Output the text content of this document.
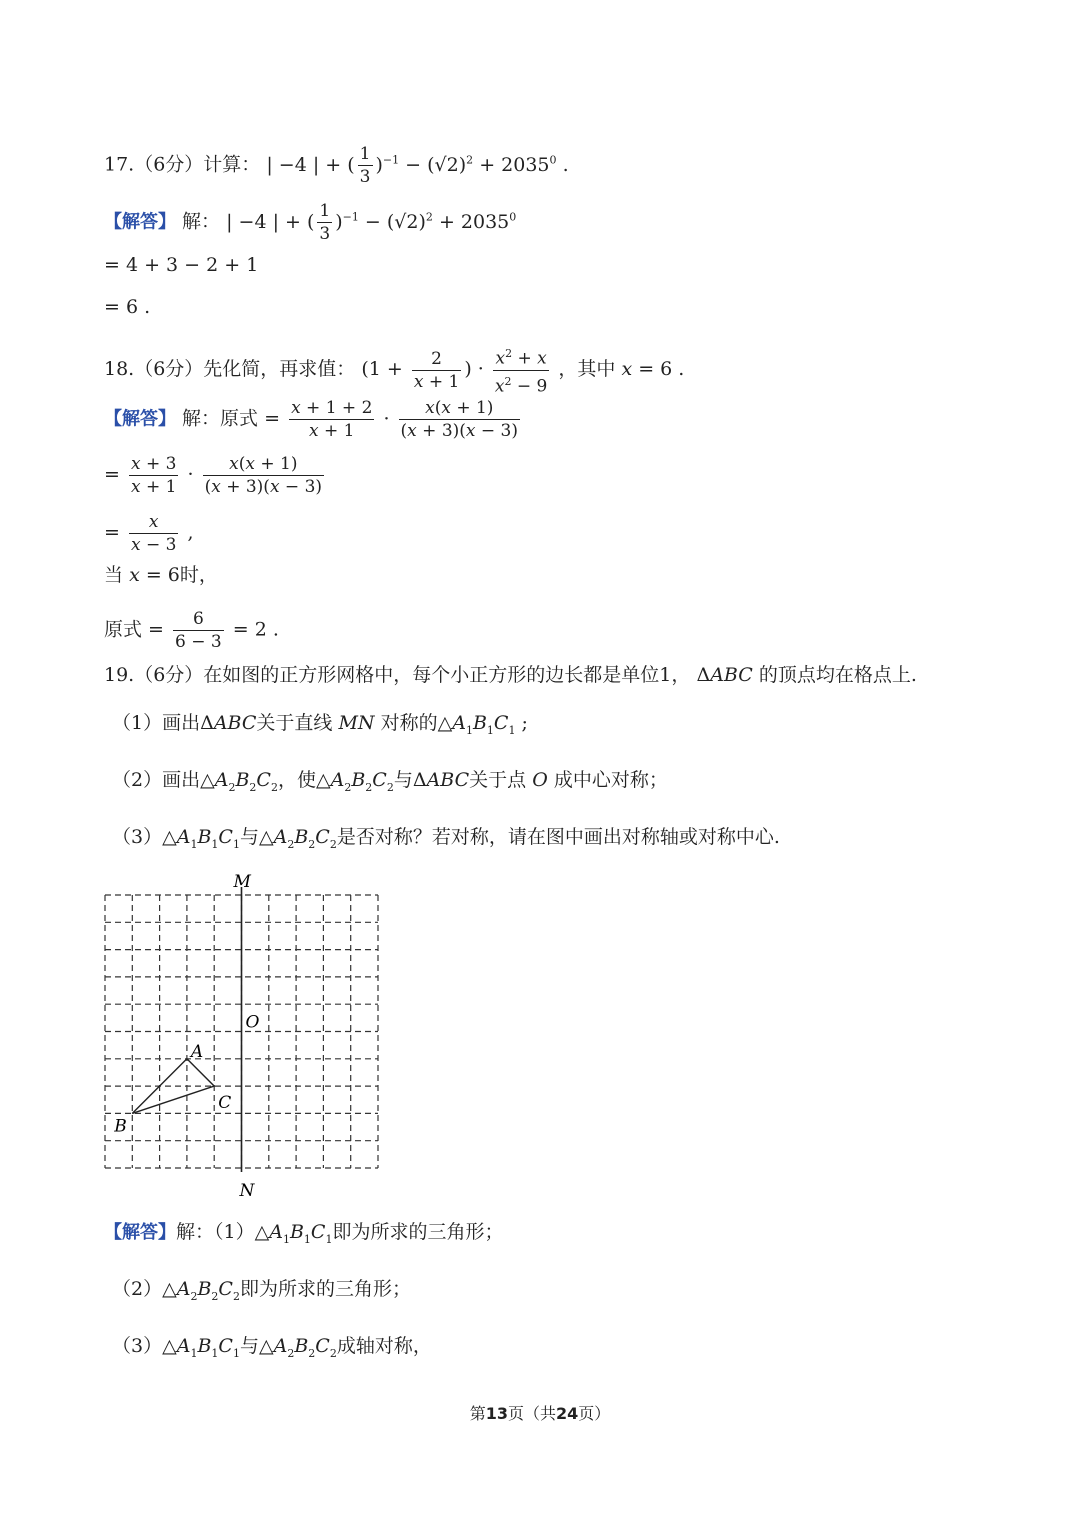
17.（6分）计算： | −4 | + ( $\frac{1}{3} )^{-1} - (√2)^2 + 2035^0$ .
【解答】 解： | −4 | + ( $\frac{1}{3} )^{-1} - (√2)^2 + 2035^0$
= 4 + 3 − 2 + 1
= 6 .
18.（6分）先化简，再求值： ($1 + \frac{2}{x + 1}$ ) · $\frac{x^2 + x}{x^2 - 9}$ ，其中 x = 6 .
【解答】 解：原式 = $\frac{x + 1 + 2}{x + 1} \cdot \frac{x(x + 1)}{(x + 3)(x - 3)}$
= $\frac{x + 3}{x + 1} \cdot \frac{x(x + 1)}{(x + 3)(x - 3)}$
= $\frac{x}{x - 3}$ ,
当 x = 6时，
原式 = $\frac{6}{6 - 3} = 2$ .
19.（6分）在如图的正方形网格中，每个小正方形的边长都是单位1， ΔABC 的顶点均在格点上.
（1）画出ΔABC关于直线 MN 对称的$\triangle A_1B_1C_1$ ;
（2）画出$\triangle A_2B_2C_2$，使$\triangle A_2B_2C_2$与ΔABC关于点 O 成中心对称；
$(3)\triangle A_1B_1C_1$与$\triangle A_2B_2C_2$是否对称？若对称，请在图中画出对称轴或对称中心.
M
N
O
A
B
C
【解答】解：$(1)\triangle A_1B_1C_1$即为所求的三角形；
$(2)\triangle A_2B_2C_2$即为所求的三角形；
$(3)\triangle A_1B_1C_1$与$\triangle A_2B_2C_2$成轴对称，
第13页（共24页）
